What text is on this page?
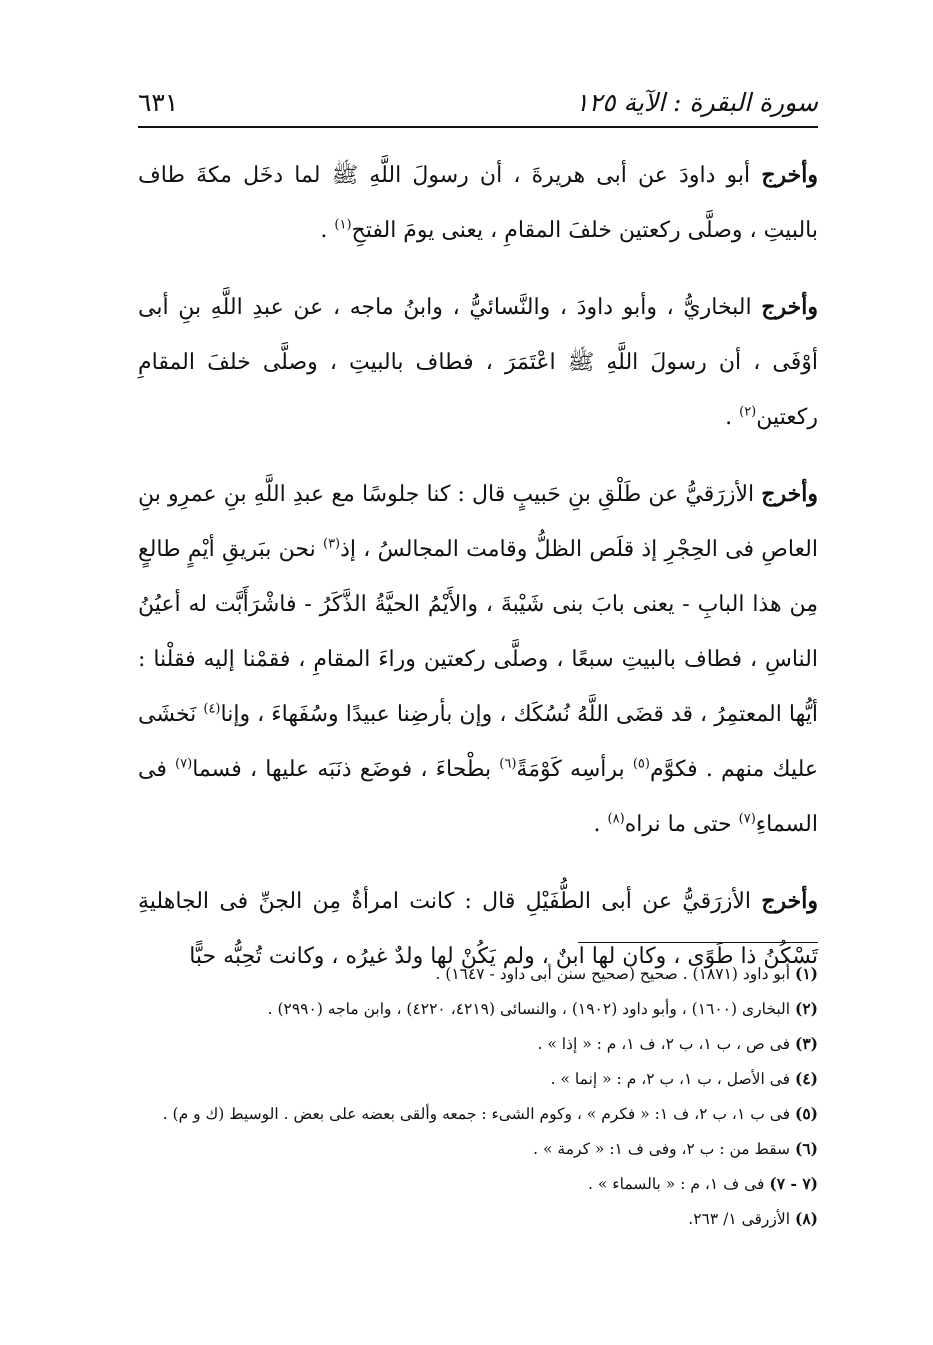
سورة البقرة : الآية ١٢٥
٦٣١

وأخرج أبو داودَ عن أبى هريرةَ ، أن رسولَ اللَّهِ ﷺ لما دخَل مكةَ طاف بالبيتِ ، وصلَّى ركعتين خلفَ المقامِ ، يعنى يومَ الفتحِ$^{(١)}$ .

وأخرج البخاريُّ ، وأبو داودَ ، والنَّسائيُّ ، وابنُ ماجه ، عن عبدِ اللَّهِ بنِ أبى أوْفَى ، أن رسولَ اللَّهِ ﷺ اعْتَمَرَ ، فطاف بالبيتِ ، وصلَّى خلفَ المقامِ ركعتين$^{(٢)}$ .

وأخرج الأزرَقيُّ عن طَلْقِ بنِ حَبيبٍ قال : كنا جلوسًا مع عبدِ اللَّهِ بنِ عمرِو بنِ العاصِ فى الحِجْرِ إذ قلَص الظلُّ وقامت المجالسُ ، إذ$^{(٣)}$ نحن ببَريقِ أيْمٍ طالعٍ مِن هذا البابِ - يعنى بابَ بنى شَيْبةَ ، والأَيْمُ الحيَّةُ الذَّكَرُ - فاشْرَأَبَّت له أعيُنُ الناسِ ، فطاف بالبيتِ سبعًا ، وصلَّى ركعتين وراءَ المقامِ ، فقمْنا إليه فقلْنا : أيُّها المعتمِرُ ، قد قضَى اللَّهُ نُسُكَك ، وإن بأرضِنا عبيدًا وسُفَهاءَ ، وإنا$^{(٤)}$ نَخشَى عليك منهم . فكوَّم$^{(٥)}$ برأسِه كَوْمَةً$^{(٦)}$ بطْحاءَ ، فوضَع ذنَبَه عليها ، فسما$^{(٧)}$ فى السماءِ$^{(٧)}$ حتى ما نراه$^{(٨)}$ .

وأخرج الأزرَقيُّ عن أبى الطُّفَيْلِ قال : كانت امرأةٌ مِن الجنِّ فى الجاهليةِ تَسْكُنُ ذا طَوًى ، وكان لها ابنٌ ، ولم يَكُنْ لها ولدٌ غيرُه ، وكانت تُحِبُّه حبًّا

(١) أبو داود (١٨٧١) . صحيح (صحيح سنن أبى داود - ١٦٤٧) .
(٢) البخارى (١٦٠٠) ، وأبو داود (١٩٠٢) ، والنسائى (٤٢١٩، ٤٢٢٠) ، وابن ماجه (٢٩٩٠) .
(٣) فى ص ، ب ١، ب ٢، ف ١، م : « إذا » .
(٤) فى الأصل ، ب ١، ب ٢، م : « إنما » .
(٥) فى ب ١، ب ٢، ف ١: « فكرم » ، وكوم الشىء : جمعه وألقى بعضه على بعض . الوسيط (ك و م) .
(٦) سقط من : ب ٢، وفى ف ١: « كرمة » .
(٧ - ٧) فى ف ١، م : « بالسماء » .
(٨) الأزرقى ١/ ٢٦٣.
